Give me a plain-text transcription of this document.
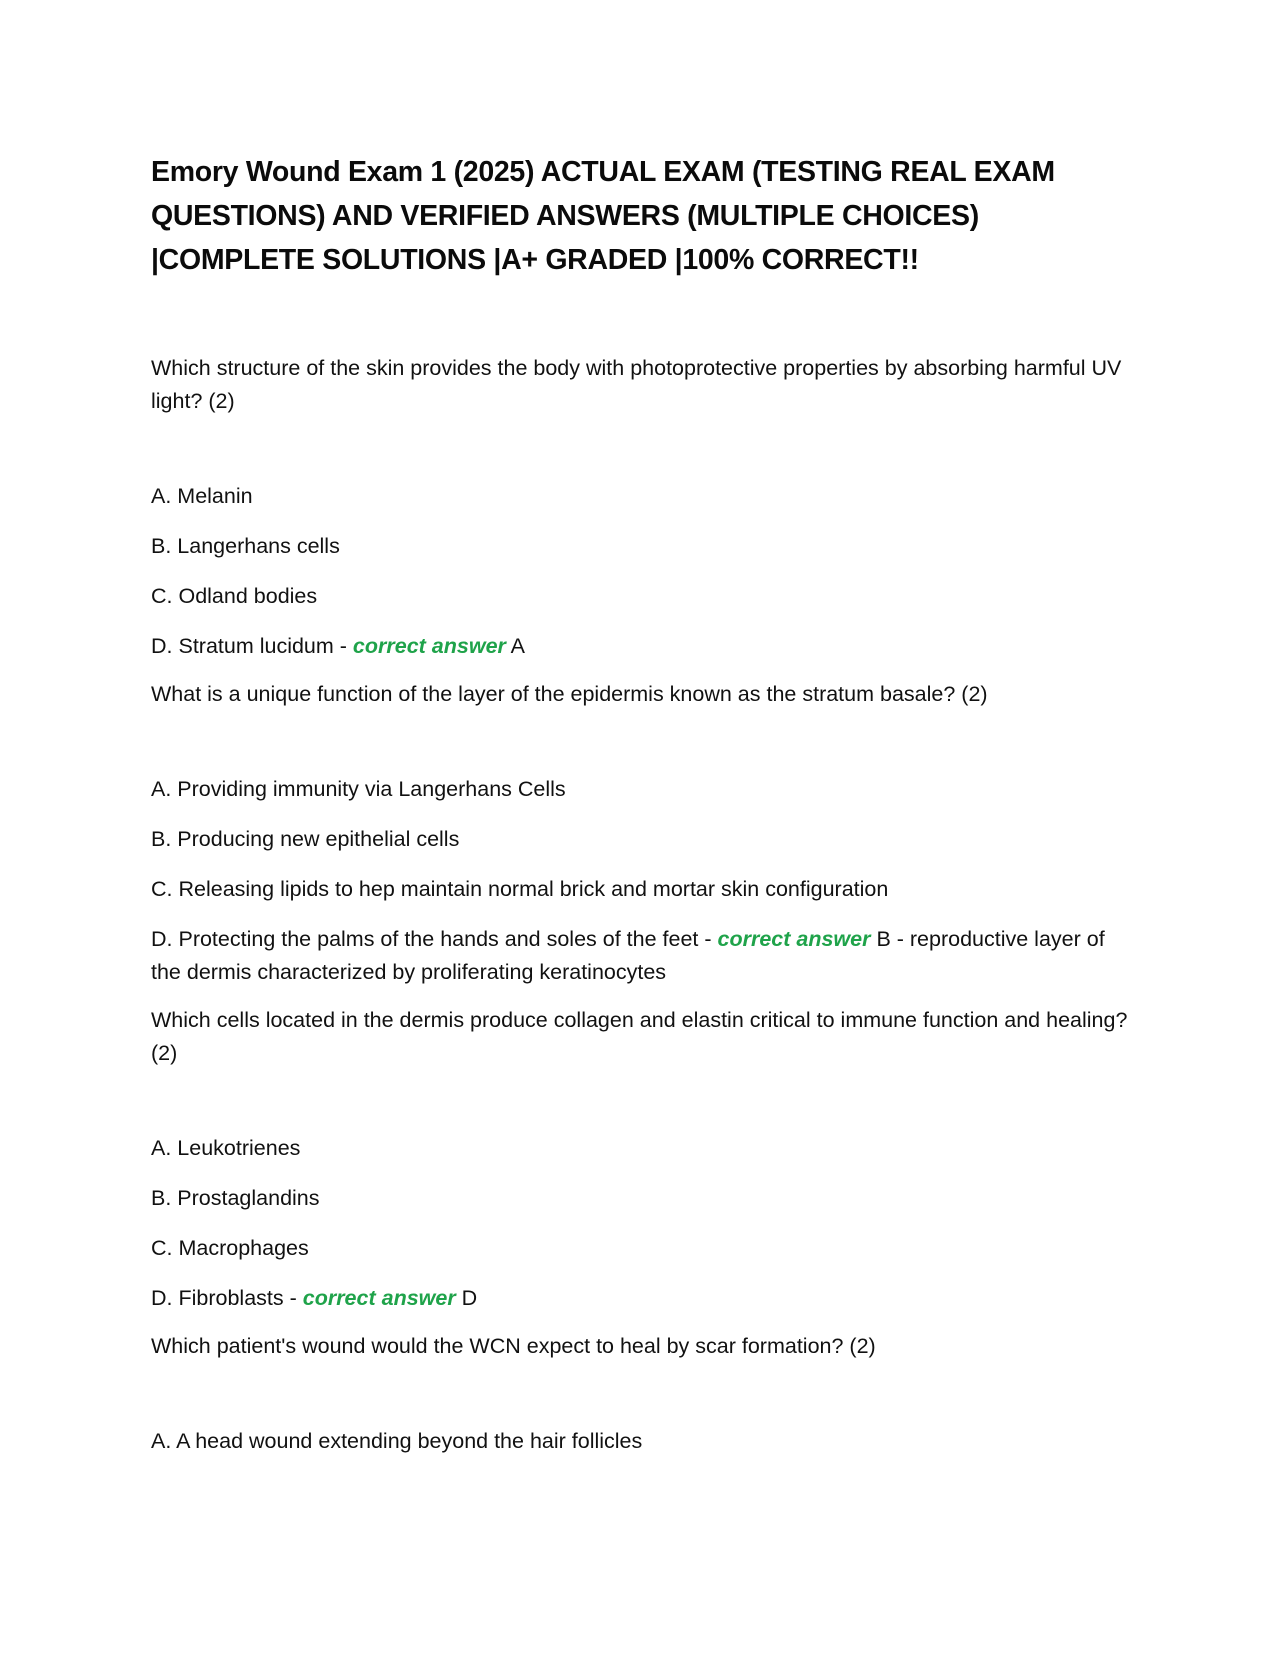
Emory Wound Exam 1 (2025) ACTUAL EXAM (TESTING REAL EXAM
QUESTIONS) AND VERIFIED ANSWERS (MULTIPLE CHOICES)
|COMPLETE SOLUTIONS |A+ GRADED |100% CORRECT!!

Which structure of the skin provides the body with photoprotective properties by absorbing harmful UV light? (2)

A. Melanin

B. Langerhans cells

C. Odland bodies

D. Stratum lucidum - correct answer A

What is a unique function of the layer of the epidermis known as the stratum basale? (2)

A. Providing immunity via Langerhans Cells

B. Producing new epithelial cells

C. Releasing lipids to hep maintain normal brick and mortar skin configuration

D. Protecting the palms of the hands and soles of the feet - correct answer B - reproductive layer of the dermis characterized by proliferating keratinocytes

Which cells located in the dermis produce collagen and elastin critical to immune function and healing? (2)

A. Leukotrienes

B. Prostaglandins

C. Macrophages

D. Fibroblasts - correct answer D

Which patient's wound would the WCN expect to heal by scar formation? (2)

A. A head wound extending beyond the hair follicles
